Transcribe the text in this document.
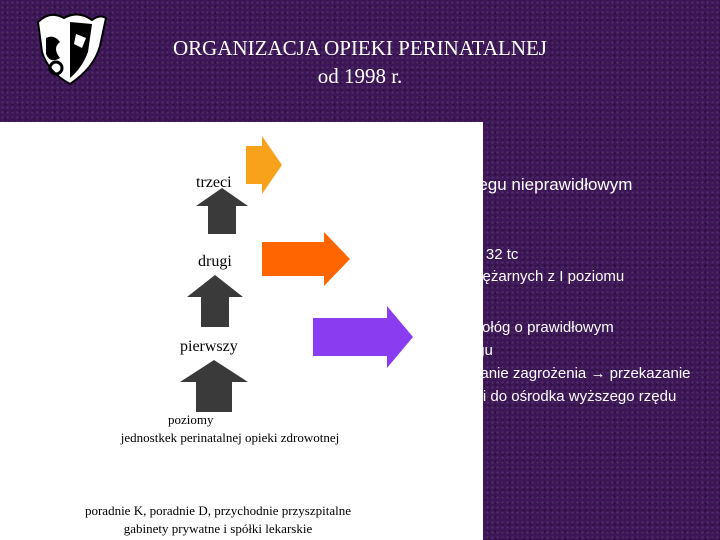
ORGANIZACJA OPIEKI PERINATALNEJ
od 1998 r.
trzeci
drugi
pierwszy
▪ ośrodek referencyjny
▪ wszystkie ciąże o przebiegu nieprawidłowym
▪ pp przed 32 tc
▪ zagrażający pp po 32 tc
▪ → przymowanie ciężarnych z I poziomu
▪ ciąża i połóg o prawidłowym przebiegu
▪ rozpoznanie zagrożenia → przekazanie pacjentki do ośrodka wyższego rzędu
poziomy
jednostkek perinatalnej opieki zdrowotnej
poradnie K, poradnie D, przychodnie przyszpitalne
gabinety prywatne i spółki lekarskie
